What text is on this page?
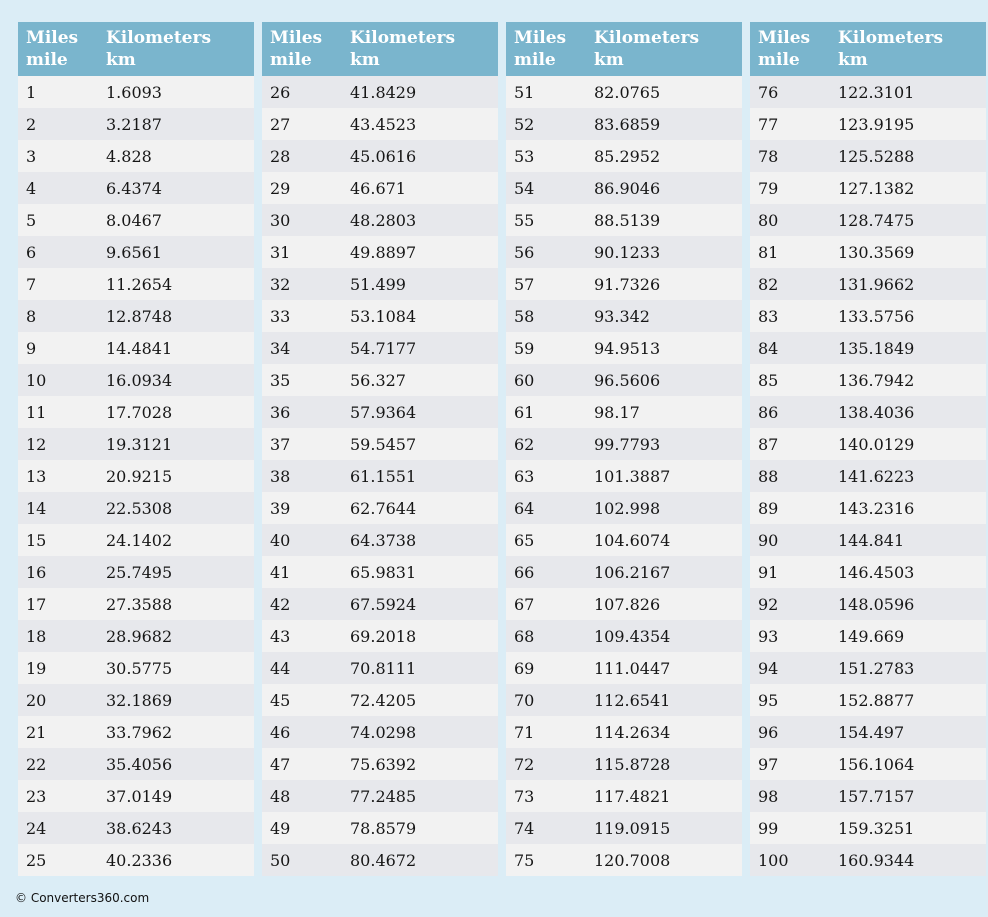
Miles
mile
Kilometers
km
1	1.6093
2	3.2187
3	4.828
4	6.4374
5	8.0467
6	9.6561
7	11.2654
8	12.8748
9	14.4841
10	16.0934
11	17.7028
12	19.3121
13	20.9215
14	22.5308
15	24.1402
16	25.7495
17	27.3588
18	28.9682
19	30.5775
20	32.1869
21	33.7962
22	35.4056
23	37.0149
24	38.6243
25	40.2336
Miles
mile
Kilometers
km
26	41.8429
27	43.4523
28	45.0616
29	46.671
30	48.2803
31	49.8897
32	51.499
33	53.1084
34	54.7177
35	56.327
36	57.9364
37	59.5457
38	61.1551
39	62.7644
40	64.3738
41	65.9831
42	67.5924
43	69.2018
44	70.8111
45	72.4205
46	74.0298
47	75.6392
48	77.2485
49	78.8579
50	80.4672
Miles
mile
Kilometers
km
51	82.0765
52	83.6859
53	85.2952
54	86.9046
55	88.5139
56	90.1233
57	91.7326
58	93.342
59	94.9513
60	96.5606
61	98.17
62	99.7793
63	101.3887
64	102.998
65	104.6074
66	106.2167
67	107.826
68	109.4354
69	111.0447
70	112.6541
71	114.2634
72	115.8728
73	117.4821
74	119.0915
75	120.7008
Miles
mile
Kilometers
km
76	122.3101
77	123.9195
78	125.5288
79	127.1382
80	128.7475
81	130.3569
82	131.9662
83	133.5756
84	135.1849
85	136.7942
86	138.4036
87	140.0129
88	141.6223
89	143.2316
90	144.841
91	146.4503
92	148.0596
93	149.669
94	151.2783
95	152.8877
96	154.497
97	156.1064
98	157.7157
99	159.3251
100	160.9344
© Converters360.com
